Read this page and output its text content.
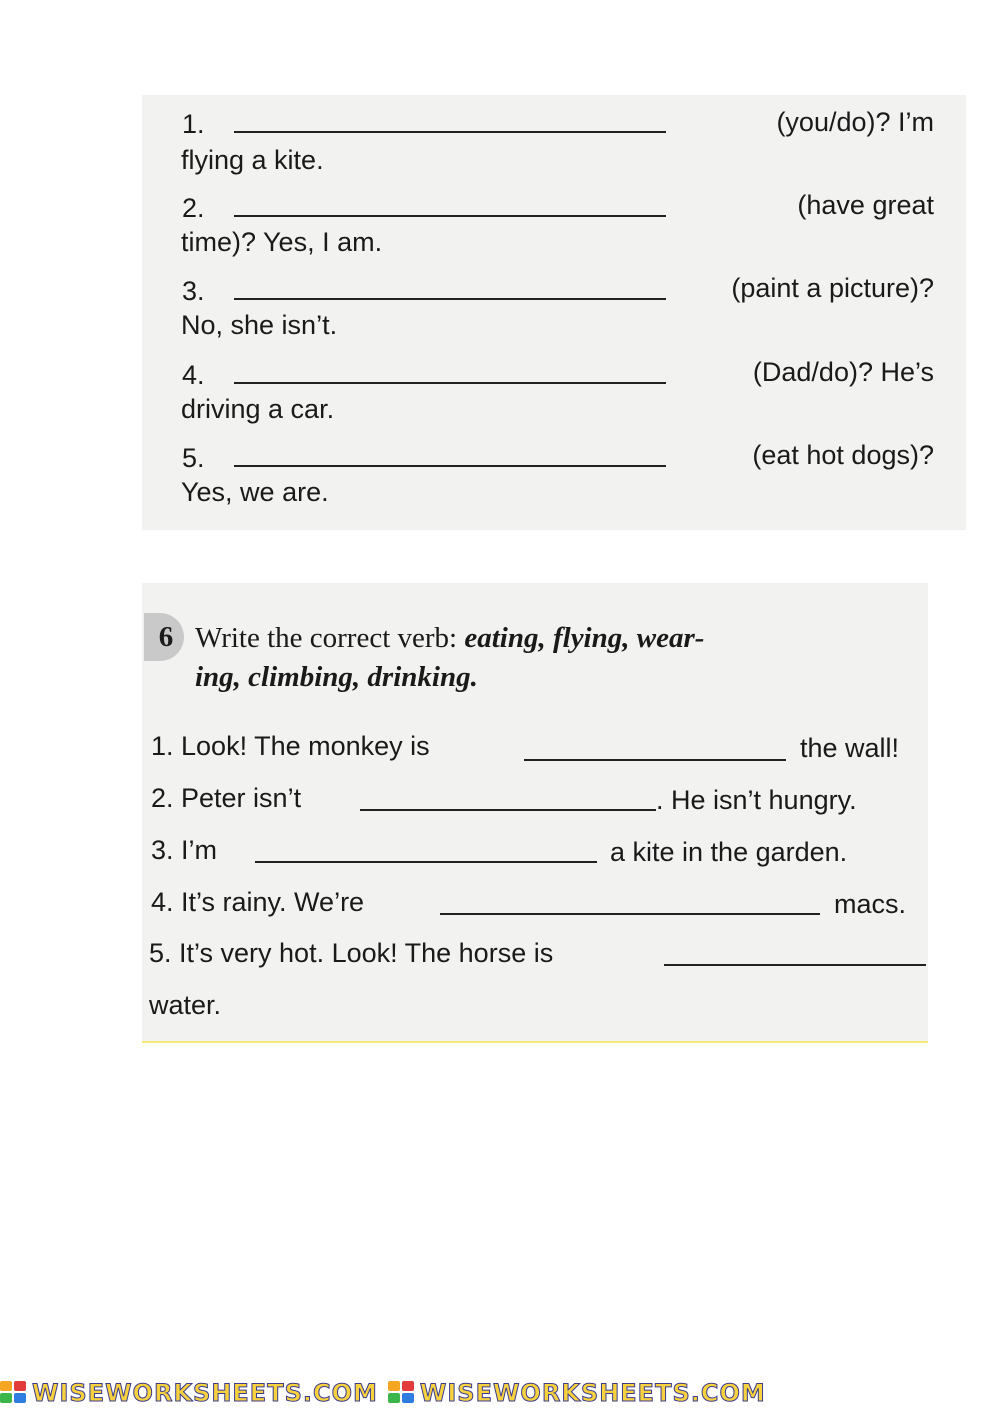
1.	(you/do)? I’m
flying a kite.
2.	(have great
time)? Yes, I am.
3.	(paint a picture)?
No, she isn’t.
4.	(Dad/do)? He’s
driving a car.
5.	(eat hot dogs)?
Yes, we are.
6 Write the correct verb: eating, flying, wear-
ing, climbing, drinking.
1. Look! The monkey is	the wall!
2. Peter isn’t	. He isn’t hungry.
3. I’m	a kite in the garden.
4. It’s rainy. We’re	macs.
5. It’s very hot. Look! The horse is
water.
WISEWORKSHEETS.COM WISEWORKSHEETS.COM
